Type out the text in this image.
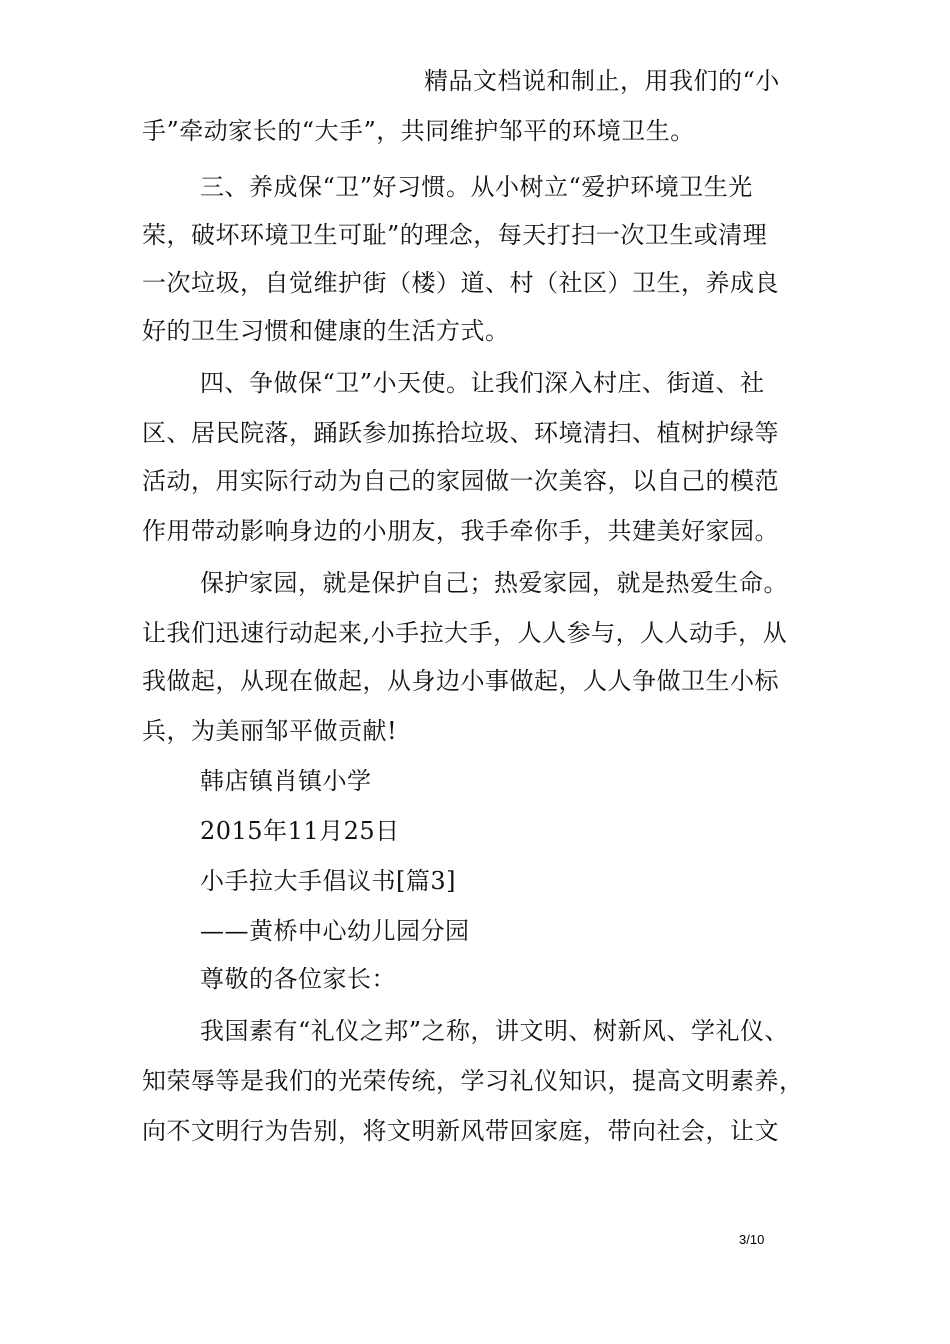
精品文档说和制止，用我们的“小
手”牵动家长的“大手”，共同维护邹平的环境卫生。
三、养成保“卫”好习惯。从小树立“爱护环境卫生光
荣，破坏环境卫生可耻”的理念，每天打扫一次卫生或清理
一次垃圾，自觉维护街（楼）道、村（社区）卫生，养成良
好的卫生习惯和健康的生活方式。
四、争做保“卫”小天使。让我们深入村庄、街道、社
区、居民院落，踊跃参加拣拾垃圾、环境清扫、植树护绿等
活动，用实际行动为自己的家园做一次美容，以自己的模范
作用带动影响身边的小朋友，我手牵你手，共建美好家园。
保护家园，就是保护自己；热爱家园，就是热爱生命。
让我们迅速行动起来,小手拉大手，人人参与，人人动手，从
我做起，从现在做起，从身边小事做起，人人争做卫生小标
兵，为美丽邹平做贡献!
韩店镇肖镇小学
2015年11月25日
小手拉大手倡议书[篇3]
——黄桥中心幼儿园分园
尊敬的各位家长：
我国素有“礼仪之邦”之称，讲文明、树新风、学礼仪、
知荣辱等是我们的光荣传统，学习礼仪知识，提高文明素养，
向不文明行为告别，将文明新风带回家庭，带向社会，让文
3/10
